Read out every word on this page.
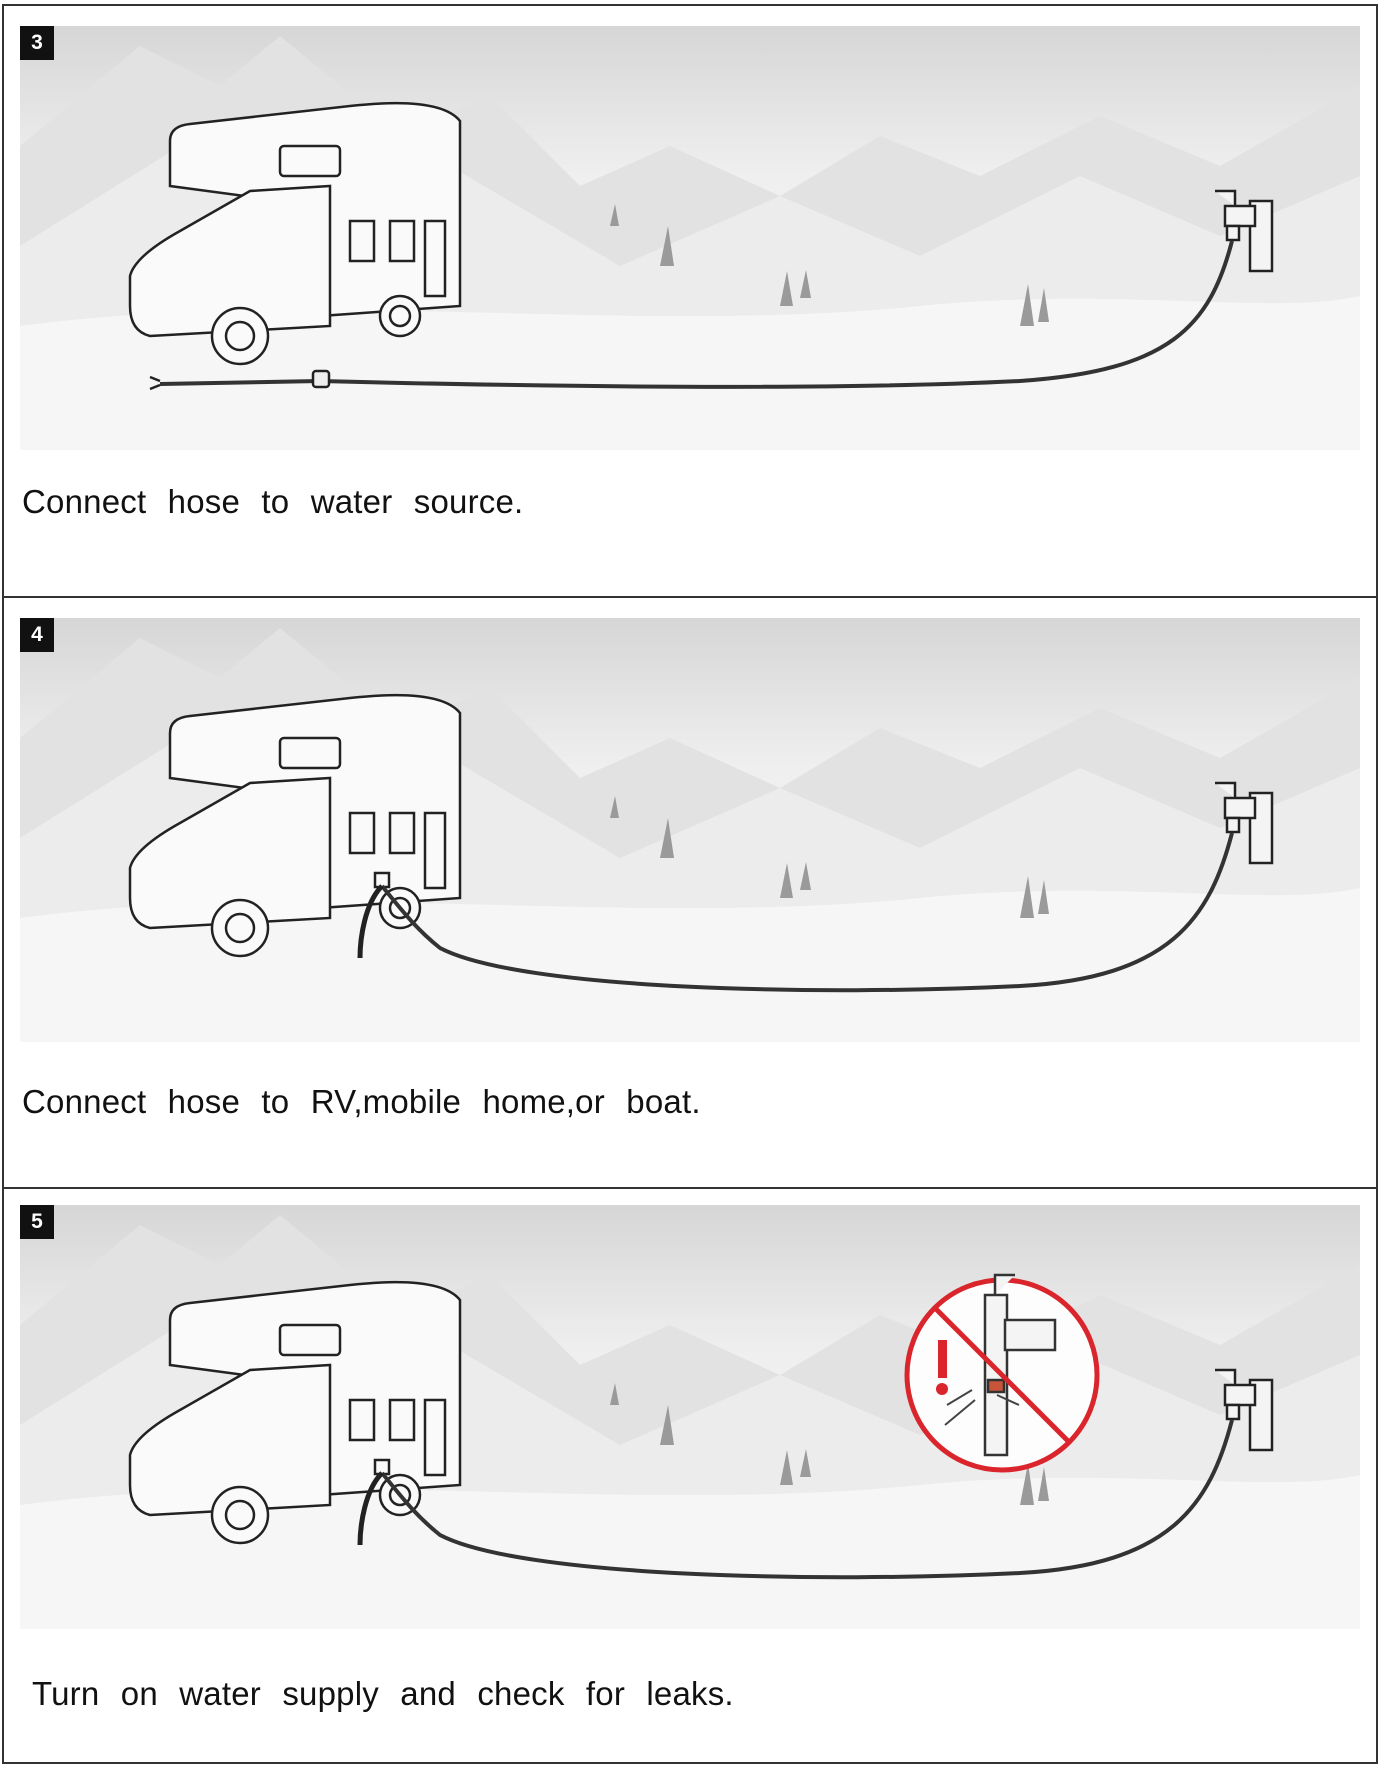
3
Connect hose to water source.
4
Connect hose to RV,mobile home,or boat.
5
Turn on water supply and check for leaks.
